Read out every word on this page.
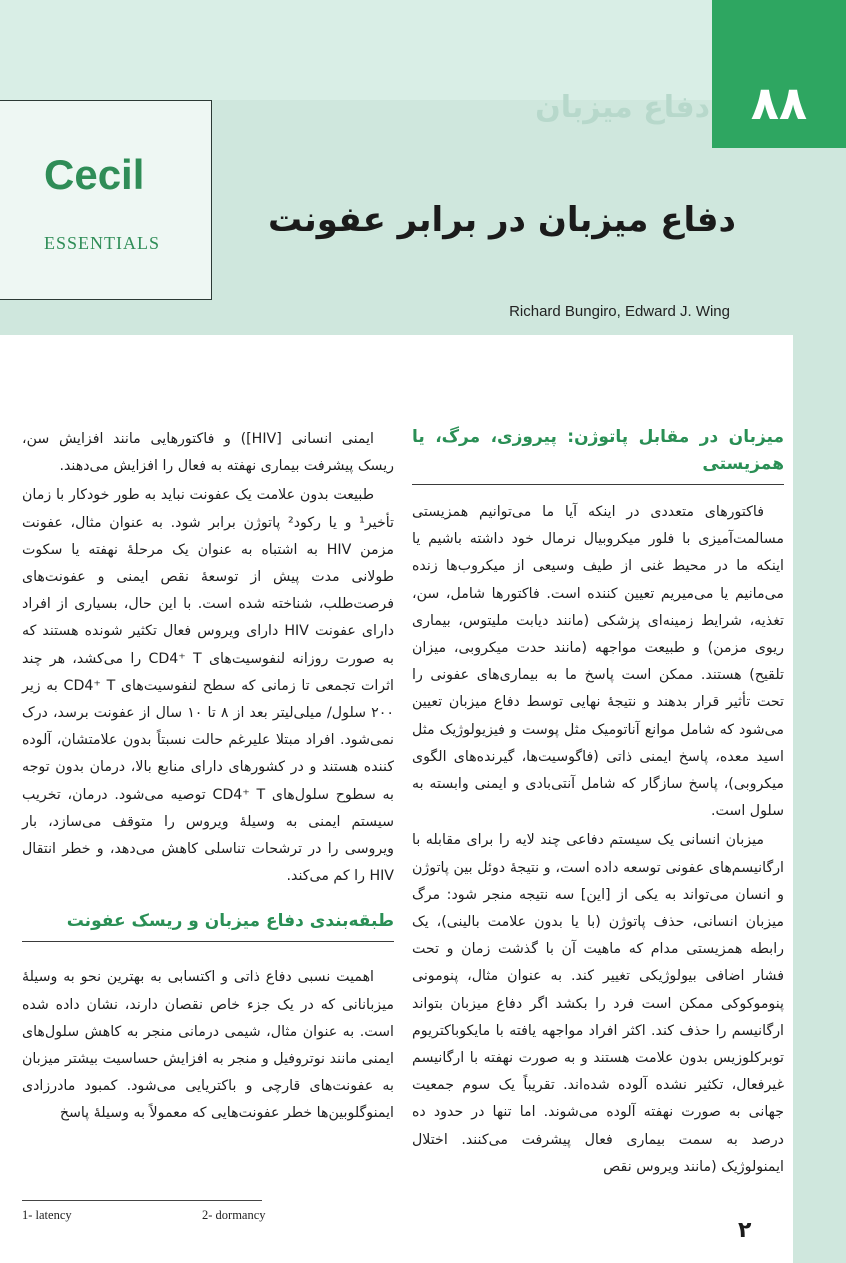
دفاع میزبان ۸۸
Cecil
ESSENTIALS
دفاع میزبان در برابر عفونت
Richard Bungiro, Edward J. Wing
میزبان در مقابل پاتوژن: پیروزی، مرگ، یا همزیستی

فاکتورهای متعددی در اینکه آیا ما می‌توانیم همزیستی مسالمت‌آمیزی با فلور میکروبیال نرمال خود داشته باشیم یا اینکه ما در محیط غنی از طیف وسیعی از میکروب‌ها زنده می‌مانیم یا می‌میریم تعیین کننده است. فاکتورها شامل، سن، تغذیه، شرایط زمینه‌ای پزشکی (مانند دیابت ملیتوس، بیماری ریوی مزمن) و طبیعت مواجهه (مانند حدت میکروبی، میزان تلقیح) هستند. ممکن است پاسخ ما به بیماری‌های عفونی را تحت تأثیر قرار بدهند و نتیجهٔ نهایی توسط دفاع میزبان تعیین می‌شود که شامل موانع آناتومیک مثل پوست و فیزیولوژیک مثل اسید معده، پاسخ ایمنی ذاتی (فاگوسیت‌ها، گیرنده‌های الگوی میکروبی)، پاسخ سازگار که شامل آنتی‌بادی و ایمنی وابسته به سلول است.

میزبان انسانی یک سیستم دفاعی چند لایه را برای مقابله با ارگانیسم‌های عفونی توسعه داده است، و نتیجهٔ دوئل بین پاتوژن و انسان می‌تواند به یکی از [این] سه نتیجه منجر شود: مرگ میزبان انسانی، حذف پاتوژن (با یا بدون علامت بالینی)، یک رابطه همزیستی مدام که ماهیت آن با گذشت زمان و تحت فشار اضافی بیولوژیکی تغییر کند. به عنوان مثال، پنومونی پنوموکوکی ممکن است فرد را بکشد اگر دفاع میزبان بتواند ارگانیسم را حذف کند. اکثر افراد مواجهه یافته با مایکوباکتریوم توبرکلوزیس بدون علامت هستند و به صورت نهفته با ارگانیسم غیرفعال، تکثیر نشده آلوده شده‌اند. تقریباً یک سوم جمعیت جهانی به صورت نهفته آلوده می‌شوند. اما تنها در حدود ده درصد به سمت بیماری فعال پیشرفت می‌کنند. اختلال ایمنولوژیک (مانند ویروس نقص

ایمنی انسانی [HIV]) و فاکتورهایی مانند افزایش سن، ریسک پیشرفت بیماری نهفته به فعال را افزایش می‌دهند.

طبیعت بدون علامت یک عفونت نباید به طور خودکار با زمان تأخیر¹ و یا رکود² پاتوژن برابر شود. به عنوان مثال، عفونت مزمن HIV به اشتباه به عنوان یک مرحلهٔ نهفته یا سکوت طولانی مدت پیش از توسعهٔ نقص ایمنی و عفونت‌های فرصت‌طلب، شناخته شده است. با این حال، بسیاری از افراد دارای عفونت HIV دارای ویروس فعال تکثیر شونده هستند که به صورت روزانه لنفوسیت‌های CD4⁺ T را می‌کشد، هر چند اثرات تجمعی تا زمانی که سطح لنفوسیت‌های CD4⁺ T به زیر ۲۰۰ سلول/ میلی‌لیتر بعد از ۸ تا ۱۰ سال از عفونت برسد، درک نمی‌شود. افراد مبتلا علیرغم حالت نسبتاً بدون علامتشان، آلوده کننده هستند و در کشورهای دارای منابع بالا، درمان بدون توجه به سطوح سلول‌های CD4⁺ T توصیه می‌شود. درمان، تخریب سیستم ایمنی به وسیلهٔ ویروس را متوقف می‌سازد، بار ویروسی را در ترشحات تناسلی کاهش می‌دهد، و خطر انتقال HIV را کم می‌کند.

طبقه‌بندی دفاع میزبان و ریسک عفونت

اهمیت نسبی دفاع ذاتی و اکتسابی به بهترین نحو به وسیلهٔ میزبانانی که در یک جزء خاص نقصان دارند، نشان داده شده است. به عنوان مثال، شیمی درمانی منجر به کاهش سلول‌های ایمنی مانند نوتروفیل و منجر به افزایش حساسیت بیشتر میزبان به عفونت‌های قارچی و باکتریایی می‌شود. کمبود مادرزادی ایمنوگلوبین‌ها خطر عفونت‌هایی که معمولاً به وسیلهٔ پاسخ

1- latency	2- dormancy
۲
